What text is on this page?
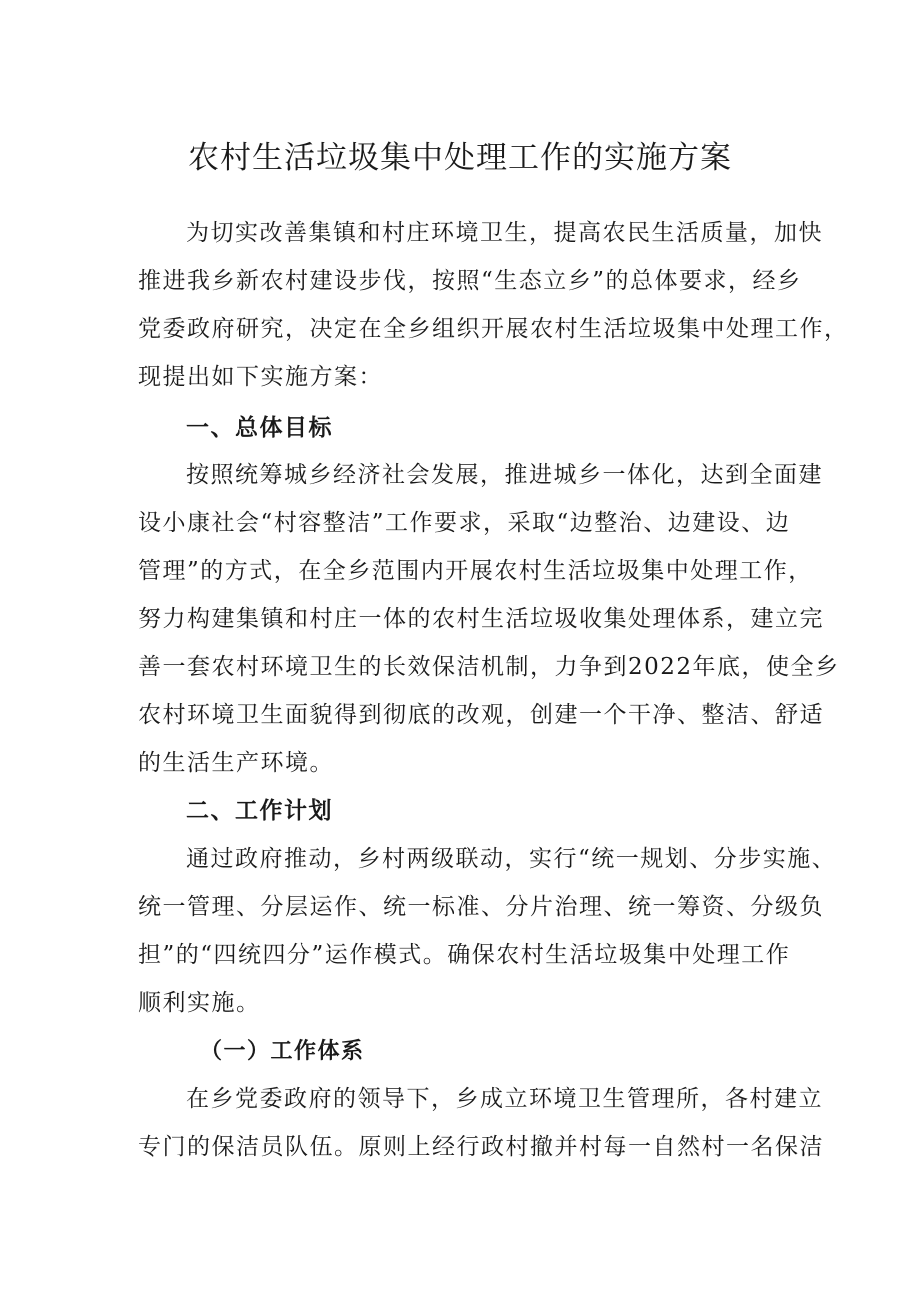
农村生活垃圾集中处理工作的实施方案
为切实改善集镇和村庄环境卫生，提高农民生活质量，加快
推进我乡新农村建设步伐，按照“生态立乡”的总体要求，经乡
党委政府研究，决定在全乡组织开展农村生活垃圾集中处理工作，
现提出如下实施方案：
一、总体目标
按照统筹城乡经济社会发展，推进城乡一体化，达到全面建
设小康社会“村容整洁”工作要求，采取“边整治、边建设、边
管理”的方式，在全乡范围内开展农村生活垃圾集中处理工作，
努力构建集镇和村庄一体的农村生活垃圾收集处理体系，建立完
善一套农村环境卫生的长效保洁机制，力争到2022年底，使全乡
农村环境卫生面貌得到彻底的改观，创建一个干净、整洁、舒适
的生活生产环境。
二、工作计划
通过政府推动，乡村两级联动，实行“统一规划、分步实施、
统一管理、分层运作、统一标准、分片治理、统一筹资、分级负
担”的“四统四分”运作模式。确保农村生活垃圾集中处理工作
顺利实施。
（一）工作体系
在乡党委政府的领导下，乡成立环境卫生管理所，各村建立
专门的保洁员队伍。原则上经行政村撤并村每一自然村一名保洁
